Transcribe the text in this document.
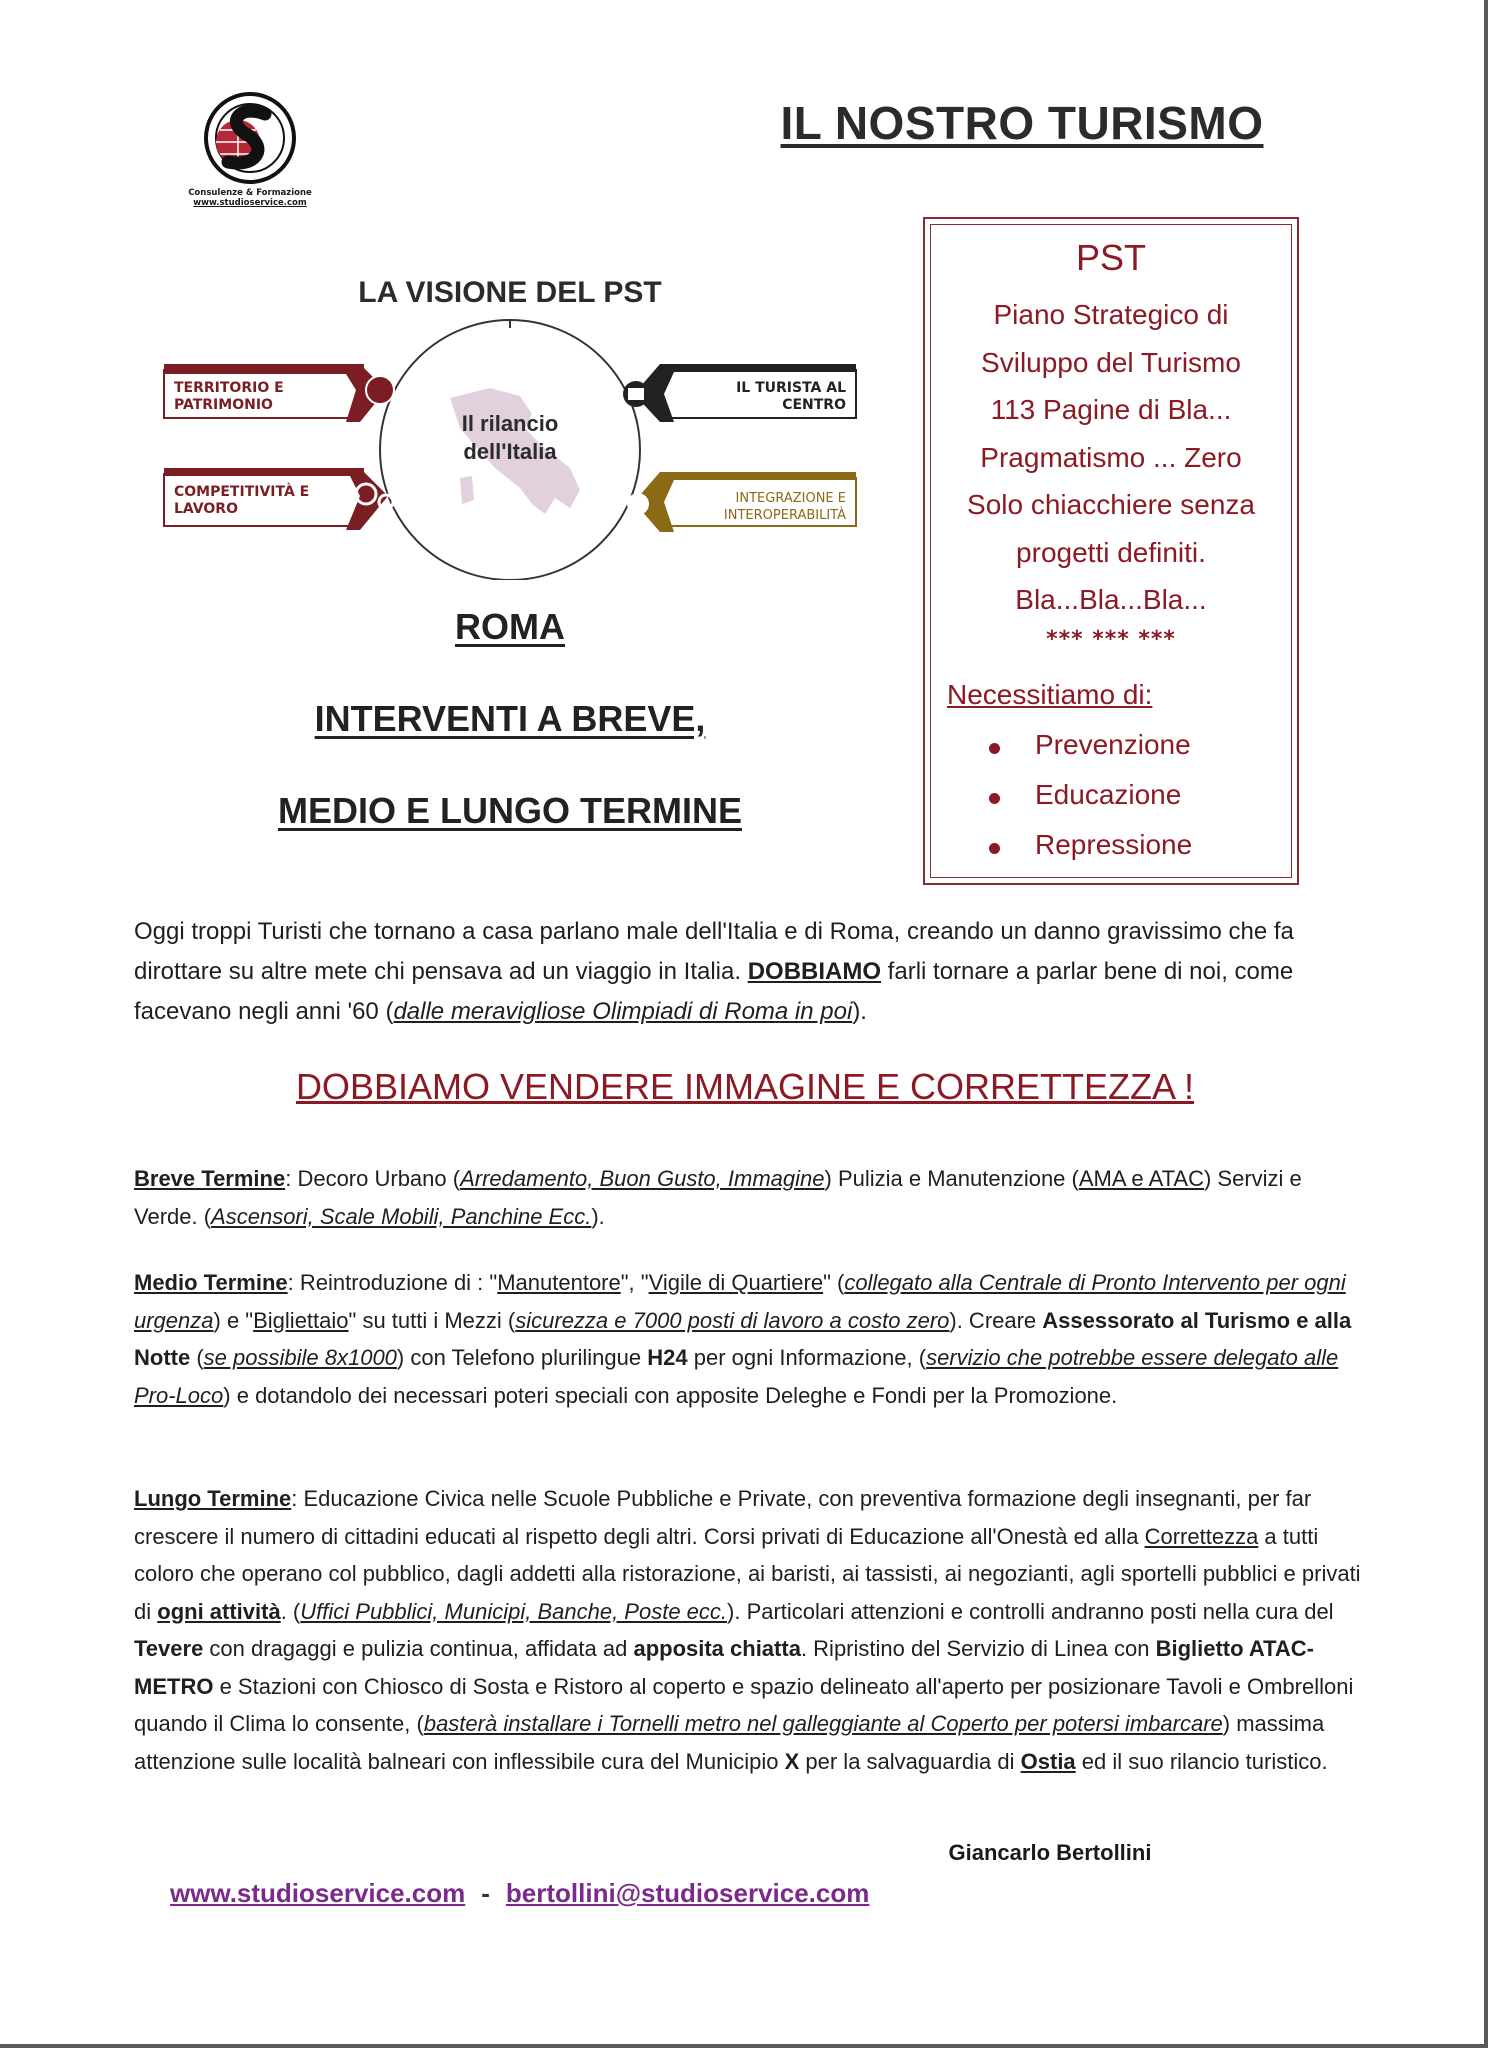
Consulenze & Formazione
www.studioservice.com
IL NOSTRO TURISMO
PST
Piano Strategico di
Sviluppo del Turismo
113 Pagine di Bla...
Pragmatismo ... Zero
Solo chiacchiere senza
progetti definiti.
Bla...Bla...Bla...
*** *** ***
Necessitiamo di:
Prevenzione
Educazione
Repressione
LA VISIONE DEL PST
TERRITORIO E
PATRIMONIO
COMPETITIVITÀ E
LAVORO
IL TURISTA AL
CENTRO
INTEGRAZIONE E
INTEROPERABILITÀ
Il rilancio
dell'Italia
ROMA
INTERVENTI A BREVE,
MEDIO E LUNGO TERMINE
Oggi troppi Turisti che tornano a casa parlano male dell'Italia e di Roma, creando un danno gravissimo che fa dirottare su altre mete chi pensava ad un viaggio in Italia. DOBBIAMO farli tornare a parlar bene di noi, come facevano negli anni '60 (dalle meravigliose Olimpiadi di Roma in poi).
DOBBIAMO VENDERE IMMAGINE E CORRETTEZZA !
Breve Termine: Decoro Urbano (Arredamento, Buon Gusto, Immagine) Pulizia e Manutenzione (AMA e ATAC) Servizi e Verde. (Ascensori, Scale Mobili, Panchine Ecc.).
Medio Termine: Reintroduzione di : "Manutentore", "Vigile di Quartiere" (collegato alla Centrale di Pronto Intervento per ogni urgenza) e "Bigliettaio" su tutti i Mezzi (sicurezza e 7000 posti di lavoro a costo zero). Creare Assessorato al Turismo e alla Notte (se possibile 8x1000) con Telefono plurilingue H24 per ogni Informazione, (servizio che potrebbe essere delegato alle Pro-Loco) e dotandolo dei necessari poteri speciali con apposite Deleghe e Fondi per la Promozione.
Lungo Termine: Educazione Civica nelle Scuole Pubbliche e Private, con preventiva formazione degli insegnanti, per far crescere il numero di cittadini educati al rispetto degli altri. Corsi privati di Educazione all'Onestà ed alla Correttezza a tutti coloro che operano col pubblico, dagli addetti alla ristorazione, ai baristi, ai tassisti, ai negozianti, agli sportelli pubblici e privati di ogni attività. (Uffici Pubblici, Municipi, Banche, Poste ecc.). Particolari attenzioni e controlli andranno posti nella cura del Tevere con dragaggi e pulizia continua, affidata ad apposita chiatta. Ripristino del Servizio di Linea con Biglietto ATAC-METRO e Stazioni con Chiosco di Sosta e Ristoro al coperto e spazio delineato all'aperto per posizionare Tavoli e Ombrelloni quando il Clima lo consente, (basterà installare i Tornelli metro nel galleggiante al Coperto per potersi imbarcare) massima attenzione sulle località balneari con inflessibile cura del Municipio X per la salvaguardia di Ostia ed il suo rilancio turistico.
Giancarlo Bertollini
www.studioservice.com - bertollini@studioservice.com
